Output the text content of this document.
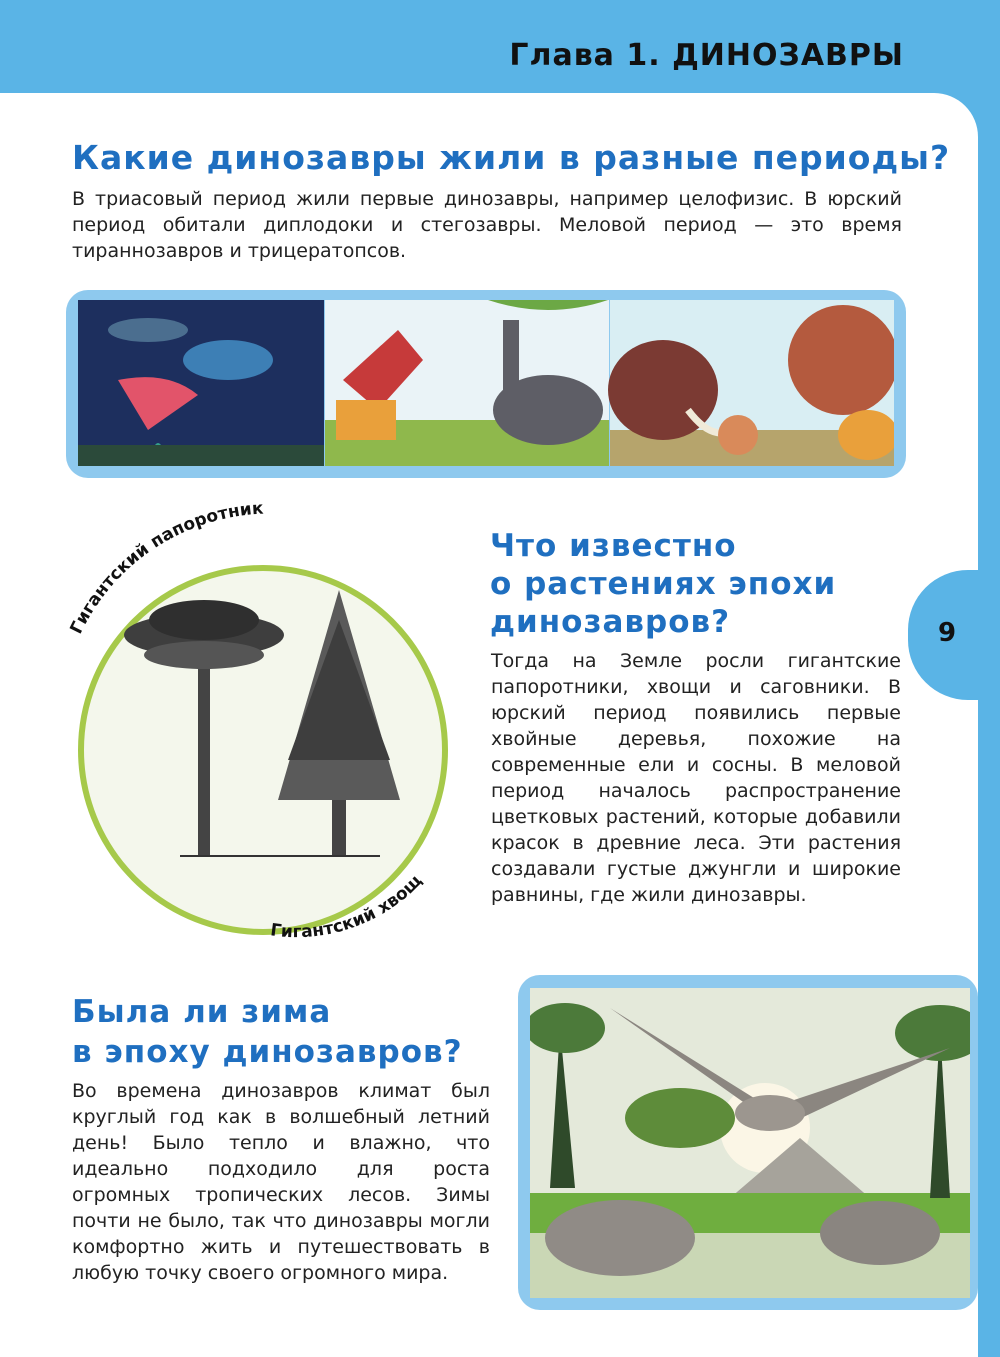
Глава 1. ДИНОЗАВРЫ
9
Какие динозавры жили в разные периоды?

В триасовый период жили первые динозавры, например целофизис. В юрский период обитали диплодоки и стегозавры. Меловой период — это время тираннозавров и трицератопсов.

Гигантский папоротник
Гигантский хвощ
Что известно
о растениях эпохи
динозавров?

Тогда на Земле росли гигантские папоротники, хвощи и саговники. В юрский период появились первые хвойные деревья, похожие на современные ели и сосны. В меловой период началось распространение цветковых растений, которые добавили красок в древние леса. Эти растения создавали густые джунгли и широкие равнины, где жили динозавры.

Была ли зима
в эпоху динозавров?

Во времена динозавров климат был круглый год как в волшебный летний день! Было тепло и влажно, что идеально подходило для роста огромных тропических лесов. Зимы почти не было, так что динозавры могли комфортно жить и путешествовать в любую точку своего огромного мира.
